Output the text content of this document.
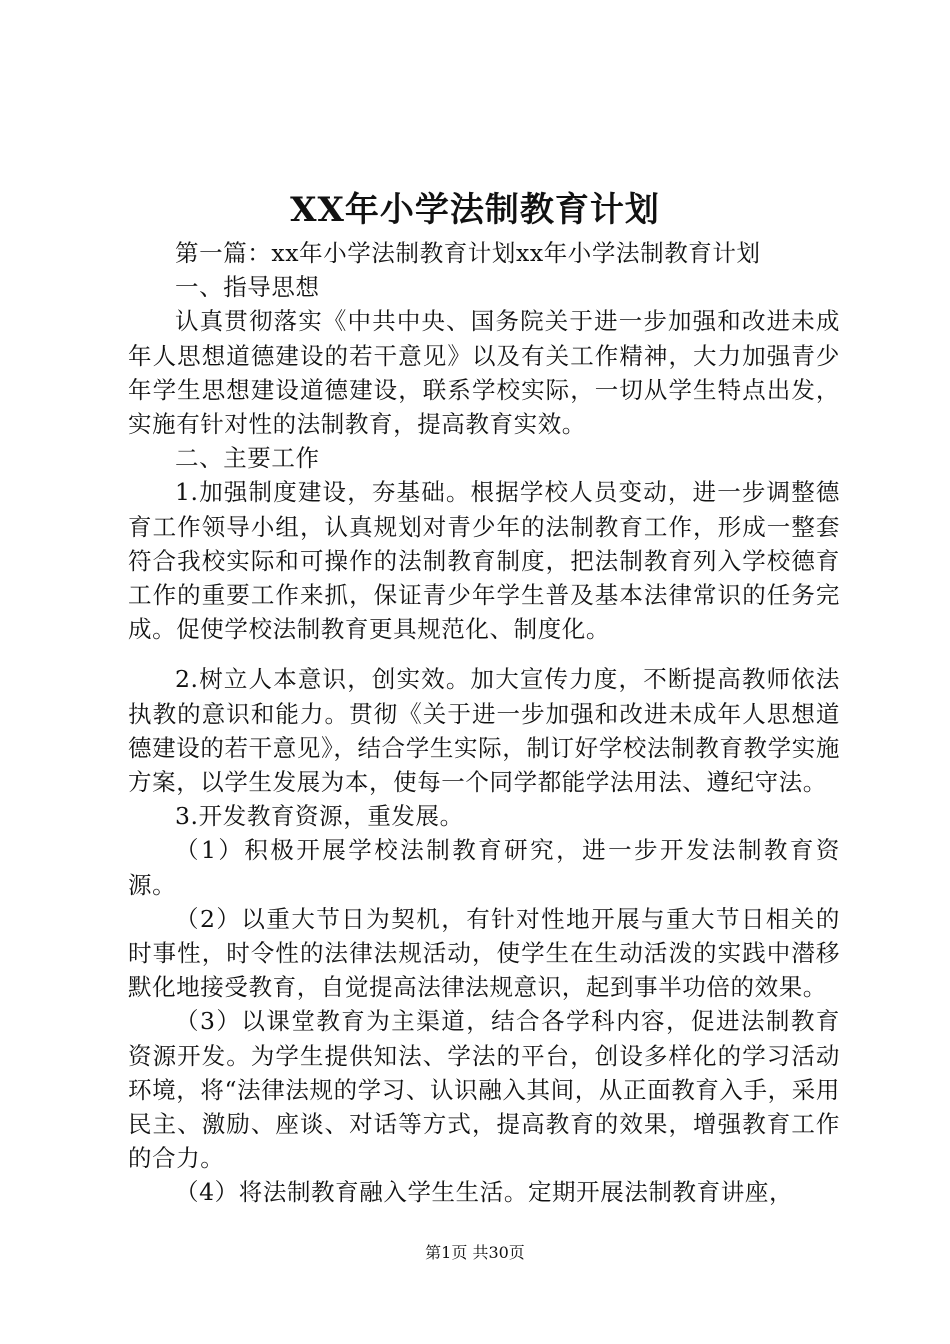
XX年小学法制教育计划

第一篇：xx年小学法制教育计划xx年小学法制教育计划

一、指导思想

认真贯彻落实《中共中央、国务院关于进一步加强和改进未成年人思想道德建设的若干意见》以及有关工作精神，大力加强青少年学生思想建设道德建设，联系学校实际，一切从学生特点出发，实施有针对性的法制教育，提高教育实效。

二、主要工作

1.加强制度建设，夯基础。根据学校人员变动，进一步调整德育工作领导小组，认真规划对青少年的法制教育工作，形成一整套符合我校实际和可操作的法制教育制度，把法制教育列入学校德育工作的重要工作来抓，保证青少年学生普及基本法律常识的任务完成。促使学校法制教育更具规范化、制度化。

2.树立人本意识，创实效。加大宣传力度，不断提高教师依法执教的意识和能力。贯彻《关于进一步加强和改进未成年人思想道德建设的若干意见》，结合学生实际，制订好学校法制教育教学实施方案，以学生发展为本，使每一个同学都能学法用法、遵纪守法。

3.开发教育资源，重发展。

（1）积极开展学校法制教育研究，进一步开发法制教育资源。

（2）以重大节日为契机，有针对性地开展与重大节日相关的时事性，时令性的法律法规活动，使学生在生动活泼的实践中潜移默化地接受教育，自觉提高法律法规意识，起到事半功倍的效果。

（3）以课堂教育为主渠道，结合各学科内容，促进法制教育资源开发。为学生提供知法、学法的平台，创设多样化的学习活动环境，将“法律法规的学习、认识融入其间，从正面教育入手，采用民主、激励、座谈、对话等方式，提高教育的效果，增强教育工作的合力。

（4）将法制教育融入学生生活。定期开展法制教育讲座，

第1页 共30页
